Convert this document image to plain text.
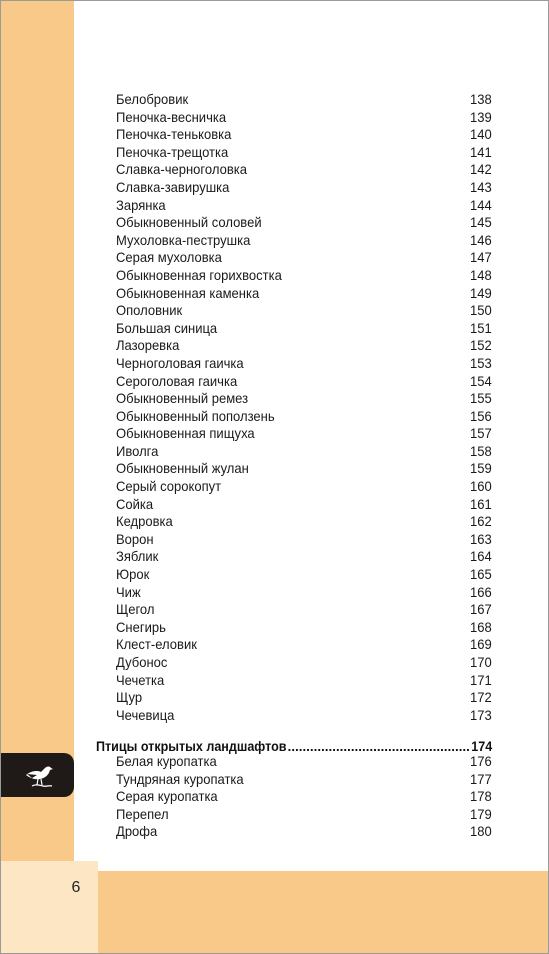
6
Белобровик	138
Пеночка-весничка	139
Пеночка-теньковка	140
Пеночка-трещотка	141
Славка-черноголовка	142
Славка-завирушка	143
Зарянка	144
Обыкновенный соловей	145
Мухоловка-пеструшка	146
Серая мухоловка	147
Обыкновенная горихвостка	148
Обыкновенная каменка	149
Ополовник	150
Большая синица	151
Лазоревка	152
Черноголовая гаичка	153
Сероголовая гаичка	154
Обыкновенный ремез	155
Обыкновенный поползень	156
Обыкновенная пищуха	157
Иволга	158
Обыкновенный жулан	159
Серый сорокопут	160
Сойка	161
Кедровка	162
Ворон	163
Зяблик	164
Юрок	165
Чиж	166
Щегол	167
Снегирь	168
Клест-еловик	169
Дубонос	170
Чечетка	171
Щур	172
Чечевица	173
Птицы открытых ландшафтов	174
Белая куропатка	176
Тундряная куропатка	177
Серая куропатка	178
Перепел	179
Дрофа	180
